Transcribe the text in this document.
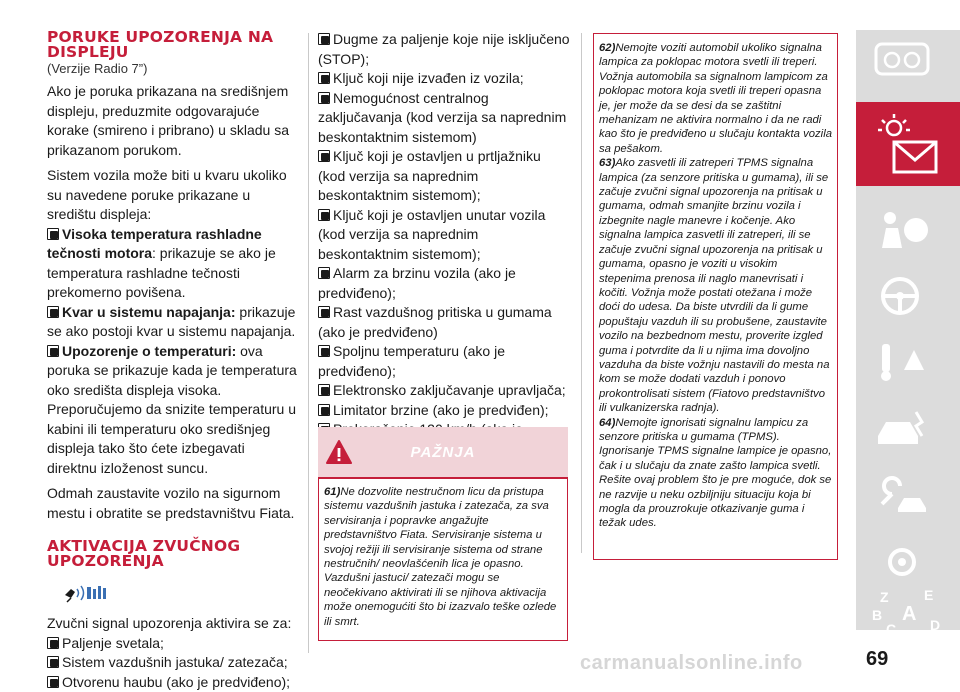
PORUKE UPOZORENJA NA DISPLEJU
(Verzije Radio 7”)

Ako je poruka prikazana na središnjem displeju, preduzmite odgovarajuće korake (smireno i pribrano) u skladu sa prikazanom porukom.

Sistem vozila može biti u kvaru ukoliko su navedene poruke prikazane u središtu displeja:

Visoka temperatura rashladne tečnosti motora: prikazuje se ako je temperatura rashladne tečnosti prekomerno povišena.
Kvar u sistemu napajanja: prikazuje se ako postoji kvar u sistemu napajanja.
Upozorenje o temperaturi: ova poruka se prikazuje kada je temperatura oko središta displeja visoka. Preporučujemo da snizite temperaturu u kabini ili temperaturu oko središnjeg displeja tako što ćete izbegavati direktnu izloženost suncu.

Odmah zaustavite vozilo na sigurnom mestu i obratite se predstavništvu Fiata.

AKTIVACIJA ZVUČNOG UPOZORENJA

Zvučni signal upozorenja aktivira se za:

Paljenje svetala;
Sistem vazdušnih jastuka/ zatezača;
Otvorenu haubu (ako je predviđeno);
Dugme za paljenje koje nije isključeno (STOP);
Ključ koji nije izvađen iz vozila;
Nemogućnost centralnog zaključavanja (kod verzija sa naprednim beskontaktnim sistemom)
Ključ koji je ostavljen u prtljažniku (kod verzija sa naprednim beskontaktnim sistemom);
Ključ koji je ostavljen unutar vozila (kod verzija sa naprednim beskontaktnim sistemom);
Alarm za brzinu vozila (ako je predviđeno);
Rast vazdušnog pritiska u gumama (ako je predviđeno)
Spoljnu temperaturu (ako je predviđeno);
Elektronsko zaključavanje upravljača;
Limitator brzine (ako je predviđen);
PAŽNJA

61)Ne dozvolite nestručnom licu da pristupa sistemu vazdušnih jastuka i zatezača, za sva servisiranja i popravke angažujte predstavništvo Fiata. Servisiranje sistema u svojoj režiji ili servisiranje sistema od strane nestručnih/ neovlašćenih lica je opasno. Vazdušni jastuci/ zatezači mogu se neočekivano aktivirati ili se njihova aktivacija može onemogućiti što bi izazvalo teške ozlede ili smrt.

62)Nemojte voziti automobil ukoliko signalna lampica za poklopac motora svetli ili treperi. Vožnja automobila sa signalnom lampicom za poklopac motora koja svetli ili treperi opasna je, jer može da se desi da se zaštitni mehanizam ne aktivira normalno i da ne radi kao što je predviđeno u slučaju kontakta vozila sa pešakom.

63)Ako zasvetli ili zatreperi TPMS signalna lampica (za senzore pritiska u gumama), ili se začuje zvučni signal upozorenja na pritisak u gumama, odmah smanjite brzinu vozila i izbegnite nagle manevre i kočenje. Ako signalna lampica zasvetli ili zatreperi, ili se začuje zvučni signal upozorenja na pritisak u gumama, opasno je voziti u visokim stepenima prenosa ili naglo manevrisati i kočiti. Vožnja može postati otežana i može doći do udesa. Da biste utvrdili da li gume popuštaju vazduh ili su probušene, zaustavite vozilo na bezbednom mestu, proverite izgled guma i potvrdite da li u njima ima dovoljno vazduha da biste vožnju nastavili do mesta na kom se može dodati vazduh i ponovo prokontrolisati sistem (Fiatovo predstavništvo ili vulkanizerska radnja).

64)Nemojte ignorisati signalnu lampicu za senzore pritiska u gumama (TPMS). Ignorisanje TPMS signalne lampice je opasno, čak i u slučaju da znate zašto lampica svetli. Rešite ovaj problem što je pre moguće, dok se ne razvije u neku ozbiljniju situaciju koja bi mogla da prouzrokuje otkazivanje guma i težak udes.

Z	E
B A
C D
carmanualsonline.info	69
